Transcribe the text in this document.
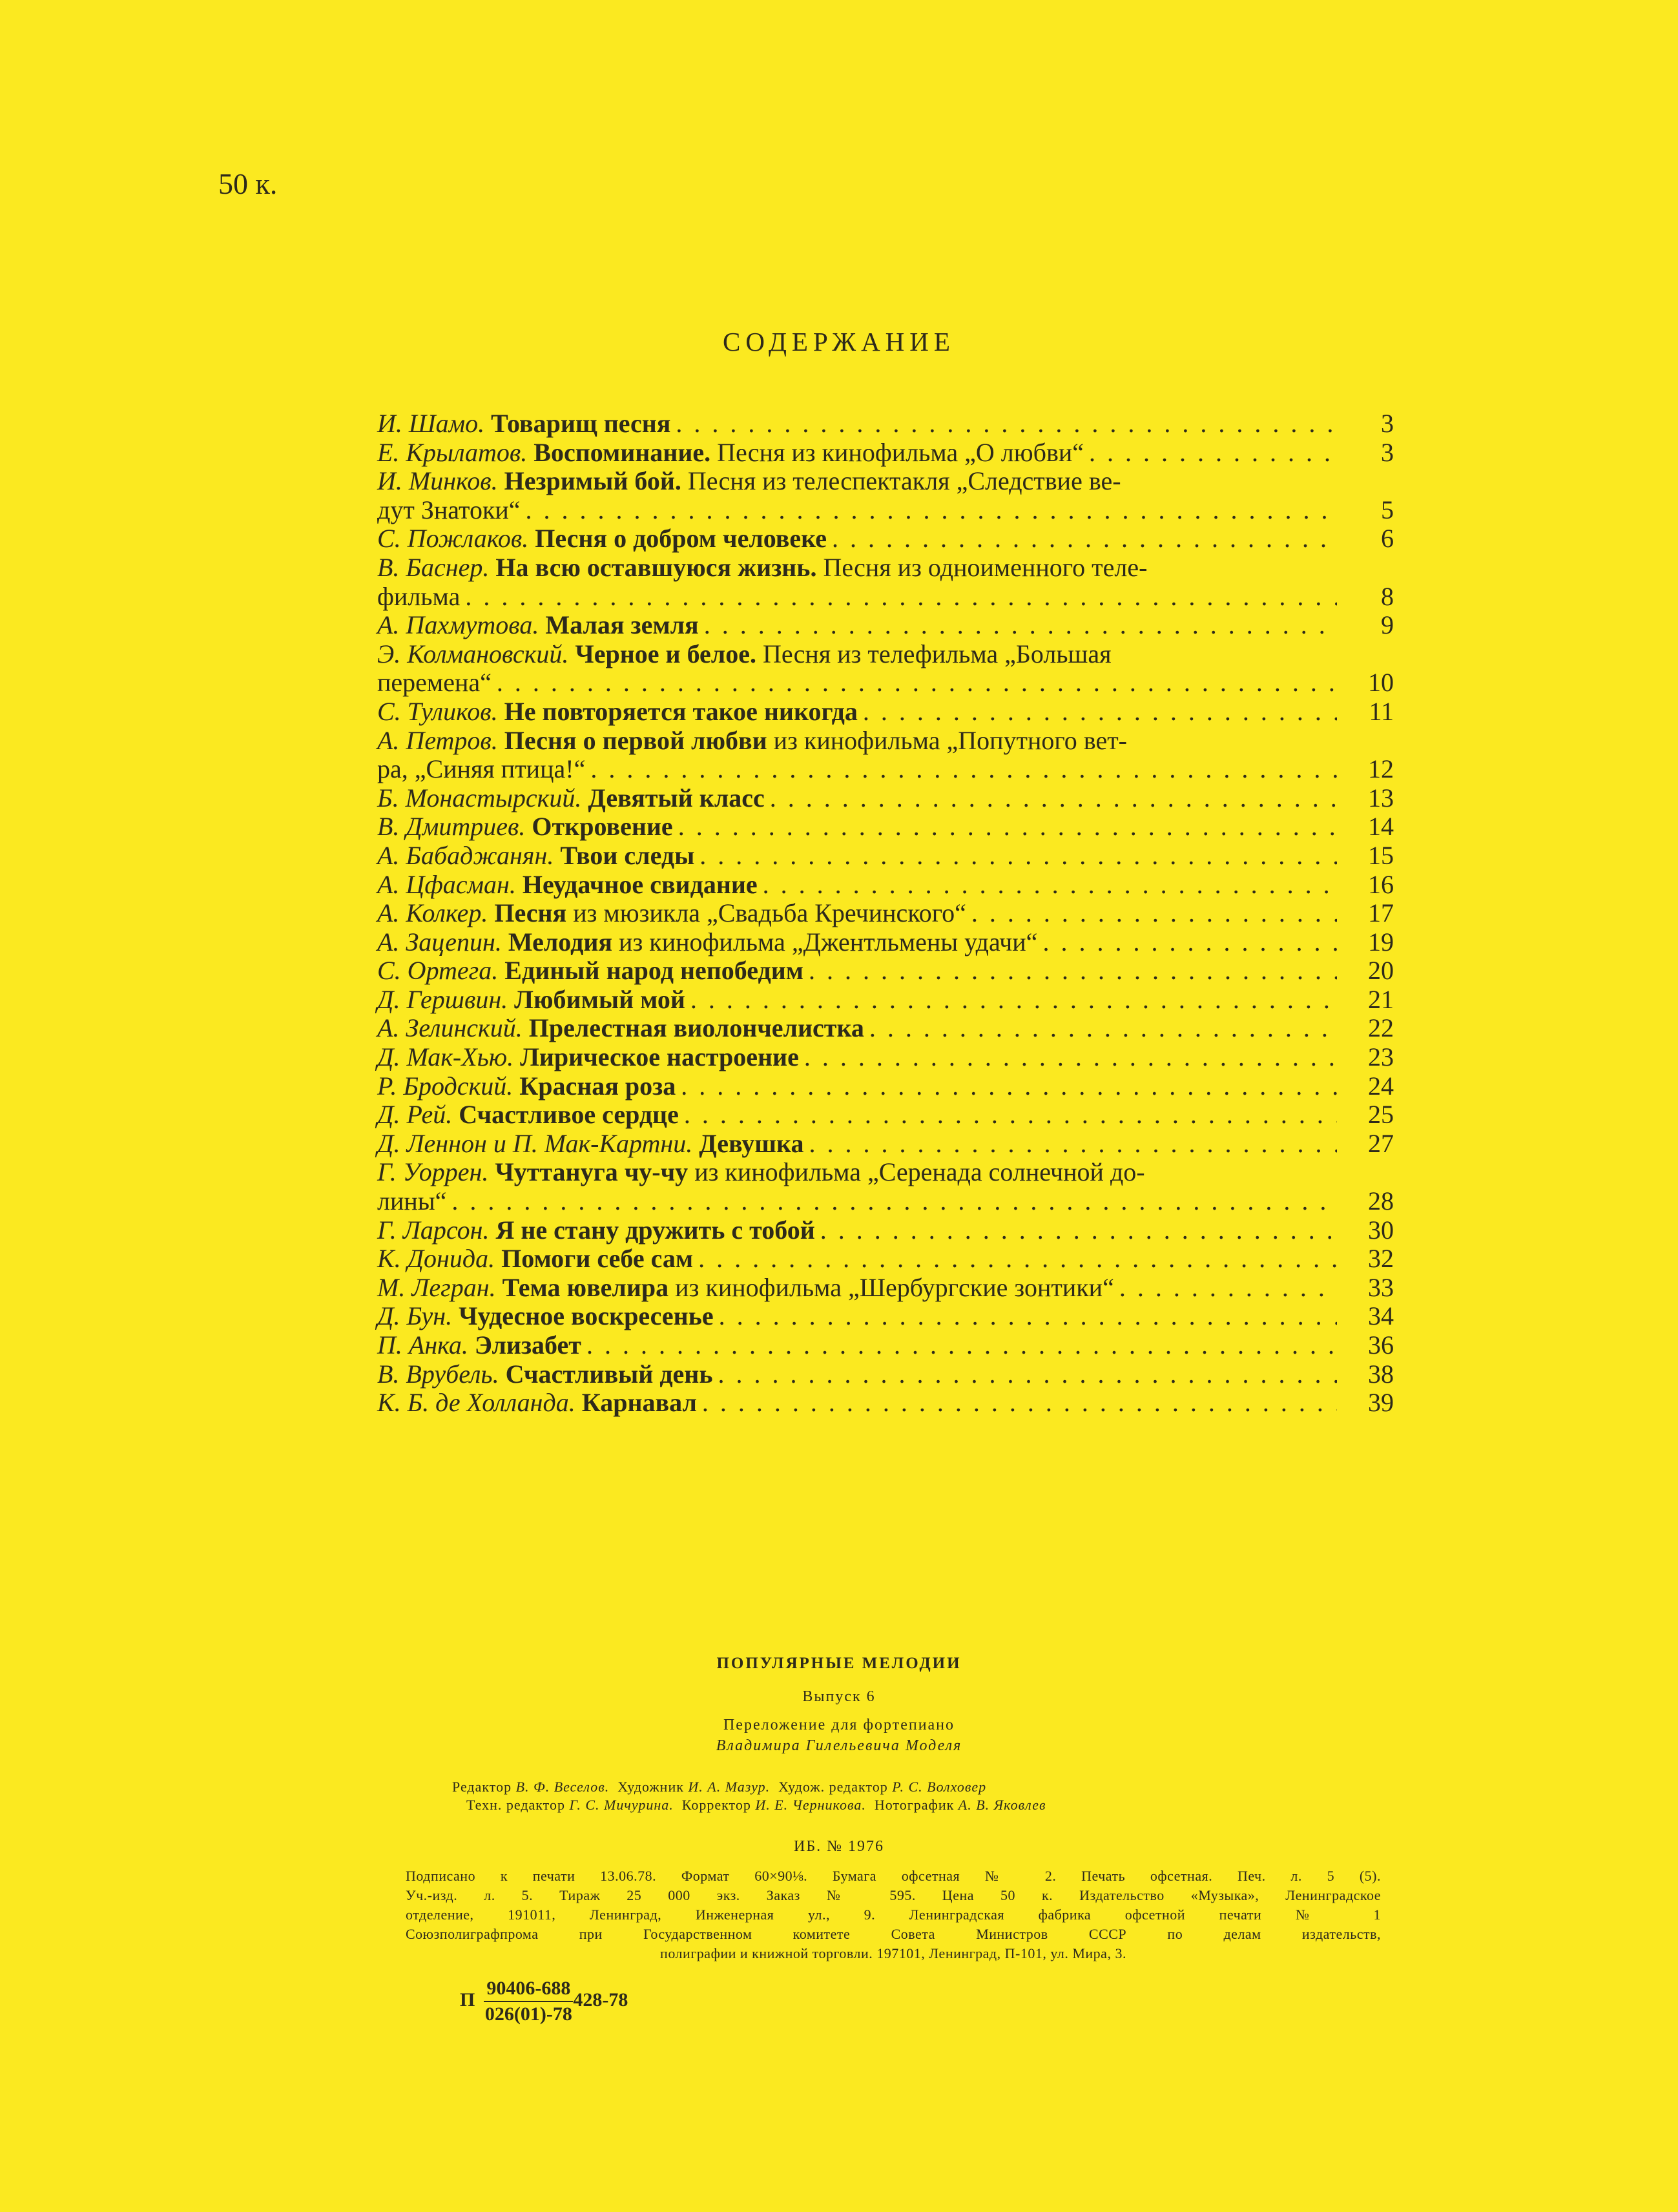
50 к.
СОДЕРЖАНИЕ
И. Шамо. Товарищ песня . . .	3
Е. Крылатов. Воспоминание. Песня из кинофильма „О любви“ . . .	3
И. Минков. Незримый бой. Песня из телеспектакля „Следствие ве-
дут Знатоки“ . . .	5
С. Пожлаков. Песня о добром человеке . . .	6
В. Баснер. На всю оставшуюся жизнь. Песня из одноименного теле-
фильма . . .	8
А. Пахмутова. Малая земля . . .	9
Э. Колмановский. Черное и белое. Песня из телефильма „Большая
перемена“ . . .	10
С. Туликов. Не повторяется такое никогда . . .	11
А. Петров. Песня о первой любви из кинофильма „Попутного вет-
ра, „Синяя птица!“ . . .	12
Б. Монастырский. Девятый класс . . .	13
В. Дмитриев. Откровение . . .	14
А. Бабаджанян. Твои следы . . .	15
А. Цфасман. Неудачное свидание . . .	16
А. Колкер. Песня из мюзикла „Свадьба Кречинского“ . . .	17
А. Зацепин. Мелодия из кинофильма „Джентльмены удачи“ . . .	19
С. Ортега. Единый народ непобедим . . .	20
Д. Гершвин. Любимый мой . . .	21
А. Зелинский. Прелестная виолончелистка . . .	22
Д. Мак-Хью. Лирическое настроение . . .	23
Р. Бродский. Красная роза . . .	24
Д. Рей. Счастливое сердце . . .	25
Д. Леннон и П. Мак-Картни. Девушка . . .	27
Г. Уоррен. Чуттануга чу-чу из кинофильма „Серенада солнечной до-
лины“ . . .	28
Г. Ларсон. Я не стану дружить с тобой . . .	30
К. Донида. Помоги себе сам . . .	32
М. Легран. Тема ювелира из кинофильма „Шербургские зонтики“ . . .	33
Д. Бун. Чудесное воскресенье . . .	34
П. Анка. Элизабет . . .	36
В. Врубель. Счастливый день . . .	38
К. Б. де Холланда. Карнавал . . .	39
ПОПУЛЯРНЫЕ МЕЛОДИИ
Выпуск 6
Переложение для фортепиано
Владимира Гилельевича Моделя
Редактор В. Ф. Веселов. Художник И. А. Мазур. Худож. редактор Р. С. Волховер
Техн. редактор Г. С. Мичурина. Корректор И. Е. Черникова. Нотографик А. В. Яковлев
ИБ. № 1976
Подписано к печати 13.06.78. Формат 60×90⅛. Бумага офсетная № 2. Печать офсетная. Печ. л. 5 (5).
Уч.-изд. л. 5. Тираж 25 000 экз. Заказ № 595. Цена 50 к. Издательство «Музыка», Ленинградское
отделение, 191011, Ленинград, Инженерная ул., 9. Ленинградская фабрика офсетной печати № 1
Союзполиграфпрома при Государственном комитете Совета Министров СССР по делам издательств,
полиграфии и книжной торговли. 197101, Ленинград, П-101, ул. Мира, 3.
П $\frac{90406-688}{026(01)-78} 428-78$
